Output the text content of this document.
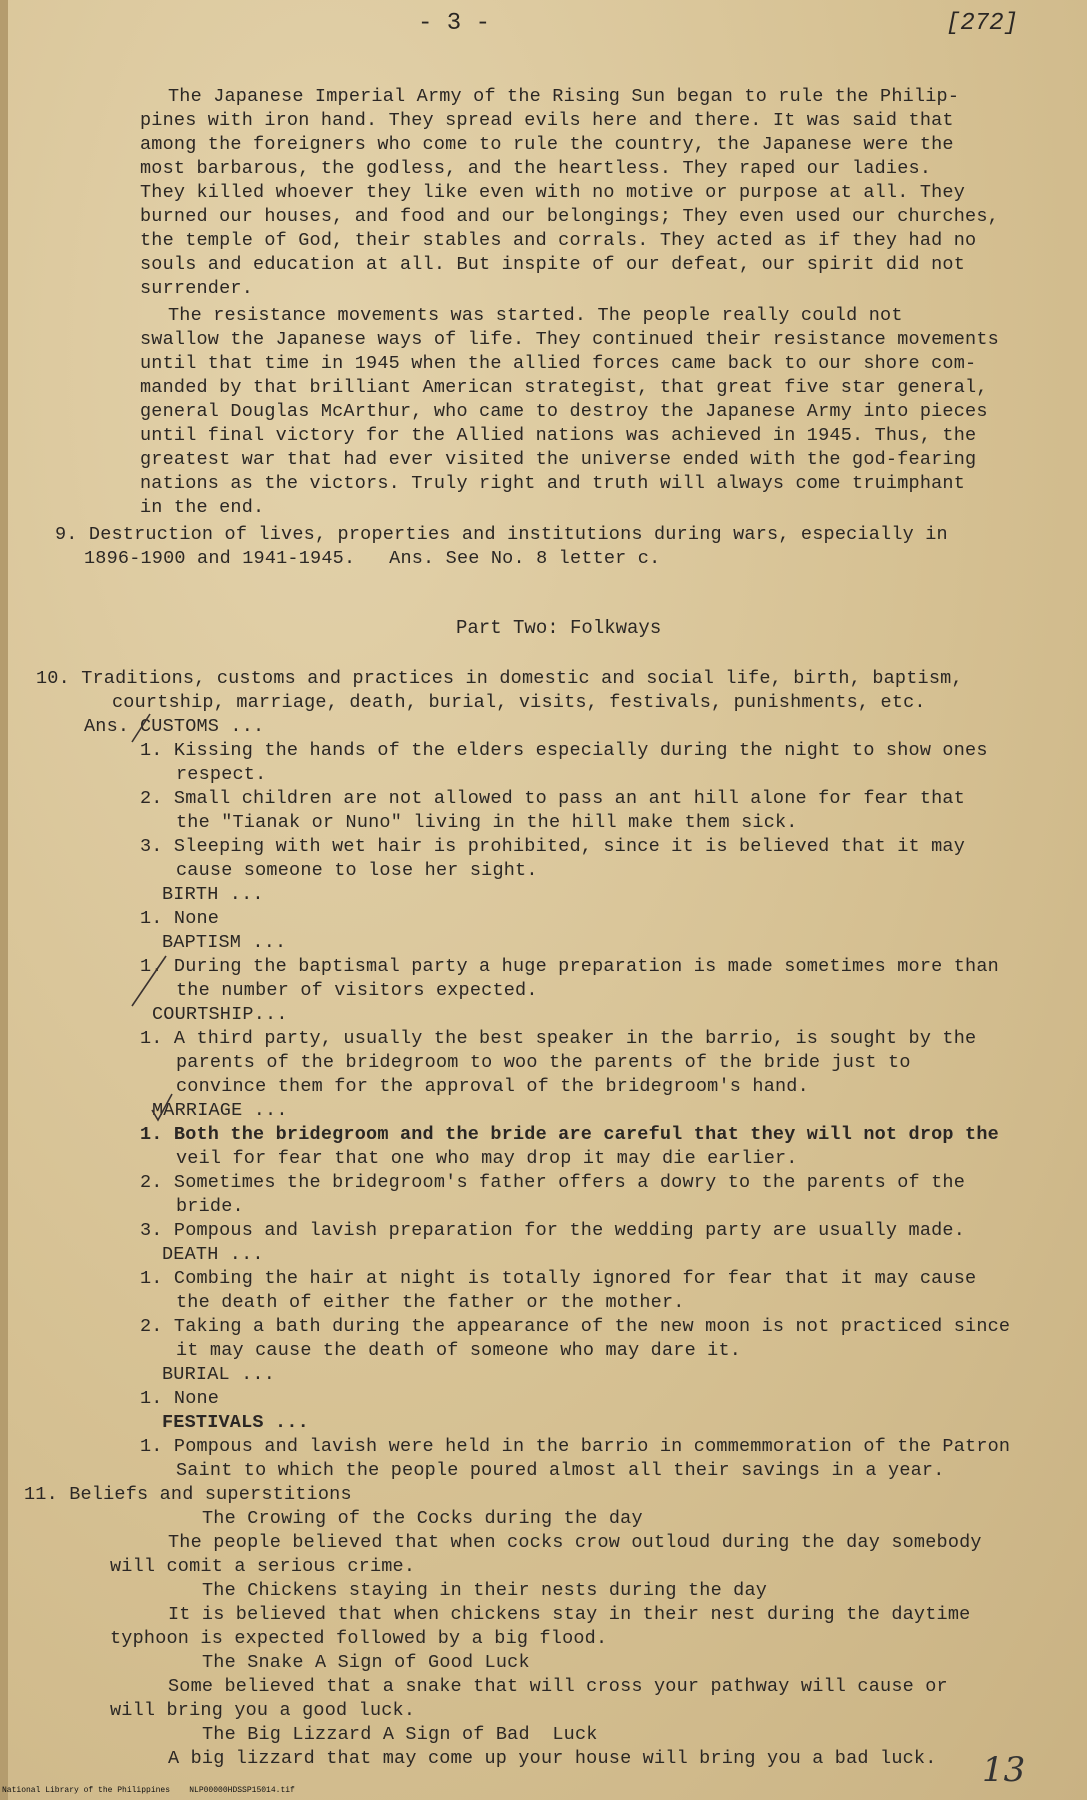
- 3 -	[272]
The Japanese Imperial Army of the Rising Sun began to rule the Philip-
pines with iron hand. They spread evils here and there. It was said that
among the foreigners who come to rule the country, the Japanese were the
most barbarous, the godless, and the heartless. They raped our ladies.
They killed whoever they like even with no motive or purpose at all. They
burned our houses, and food and our belongings; They even used our churches,
the temple of God, their stables and corrals. They acted as if they had no
souls and education at all. But inspite of our defeat, our spirit did not
surrender.
The resistance movements was started. The people really could not
swallow the Japanese ways of life. They continued their resistance movements
until that time in 1945 when the allied forces came back to our shore com-
manded by that brilliant American strategist, that great five star general,
general Douglas McArthur, who came to destroy the Japanese Army into pieces
until final victory for the Allied nations was achieved in 1945. Thus, the
greatest war that had ever visited the universe ended with the god-fearing
nations as the victors. Truly right and truth will always come truimphant
in the end.
9. Destruction of lives, properties and institutions during wars, especially in
1896-1900 and 1941-1945.   Ans. See No. 8 letter c.
Part Two: Folkways
10. Traditions, customs and practices in domestic and social life, birth, baptism,
courtship, marriage, death, burial, visits, festivals, punishments, etc.
Ans. CUSTOMS ...
1. Kissing the hands of the elders especially during the night to show ones
respect.
2. Small children are not allowed to pass an ant hill alone for fear that
the "Tianak or Nuno" living in the hill make them sick.
3. Sleeping with wet hair is prohibited, since it is believed that it may
cause someone to lose her sight.
BIRTH ...
1. None
BAPTISM ...
1. During the baptismal party a huge preparation is made sometimes more than
the number of visitors expected.
COURTSHIP...
1. A third party, usually the best speaker in the barrio, is sought by the
parents of the bridegroom to woo the parents of the bride just to
convince them for the approval of the bridegroom's hand.
MARRIAGE ...
1. Both the bridegroom and the bride are careful that they will not drop the
veil for fear that one who may drop it may die earlier.
2. Sometimes the bridegroom's father offers a dowry to the parents of the
bride.
3. Pompous and lavish preparation for the wedding party are usually made.
DEATH ...
1. Combing the hair at night is totally ignored for fear that it may cause
the death of either the father or the mother.
2. Taking a bath during the appearance of the new moon is not practiced since
it may cause the death of someone who may dare it.
BURIAL ...
1. None
FESTIVALS ...
1. Pompous and lavish were held in the barrio in commemmoration of the Patron
Saint to which the people poured almost all their savings in a year.
11. Beliefs and superstitions
The Crowing of the Cocks during the day
The people believed that when cocks crow outloud during the day somebody
will comit a serious crime.
The Chickens staying in their nests during the day
It is believed that when chickens stay in their nest during the daytime
typhoon is expected followed by a big flood.
The Snake A Sign of Good Luck
Some believed that a snake that will cross your pathway will cause or
will bring you a good luck.
The Big Lizzard A Sign of Bad  Luck
A big lizzard that may come up your house will bring you a bad luck. 13
National Library of the Philippines    NLP00000HDSSP15014.tif
